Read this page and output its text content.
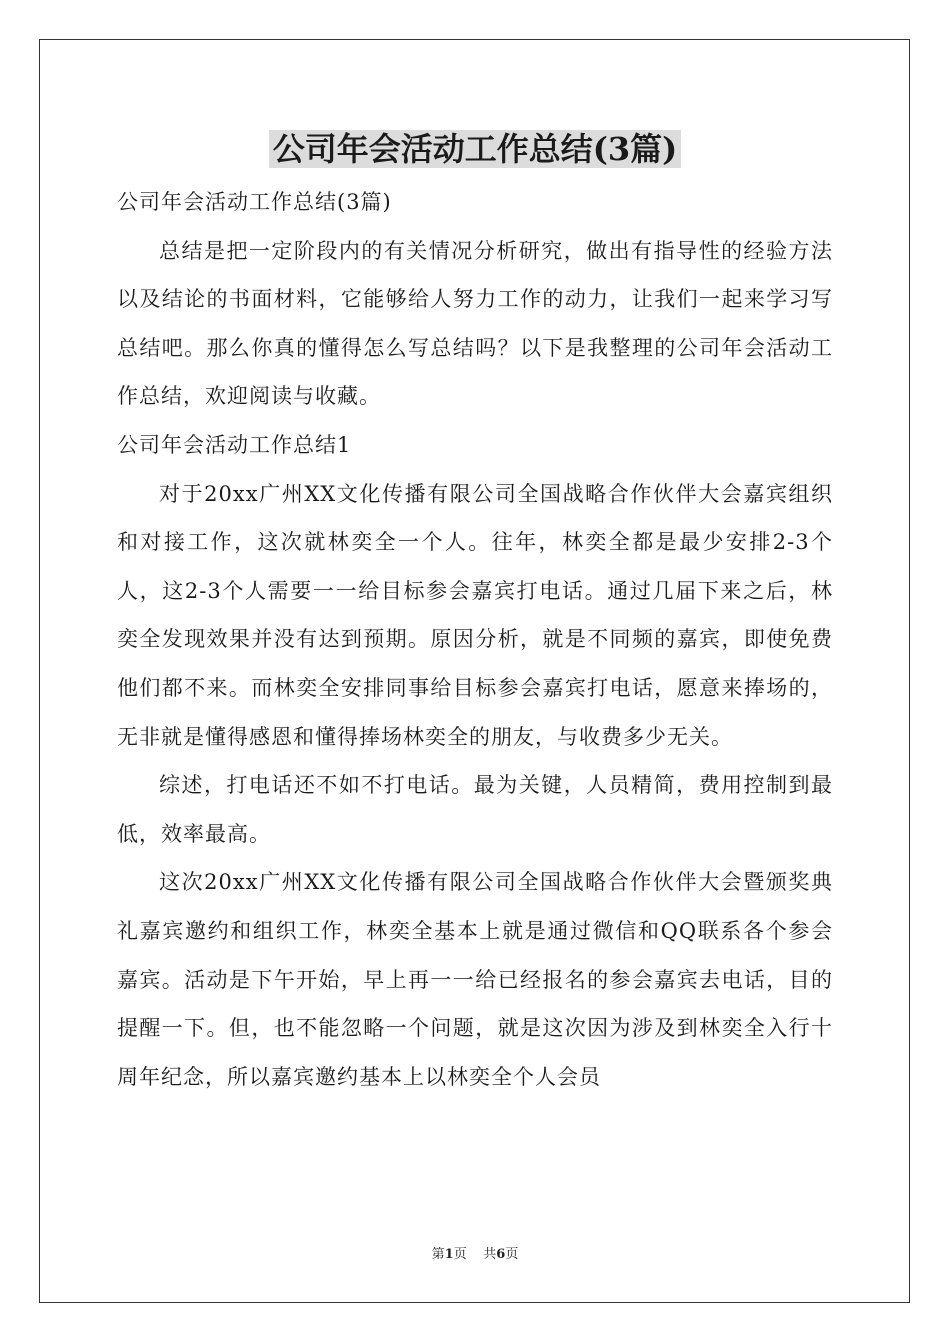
公司年会活动工作总结(3篇)

公司年会活动工作总结(3篇)

总结是把一定阶段内的有关情况分析研究，做出有指导性的经验方法以及结论的书面材料，它能够给人努力工作的动力，让我们一起来学习写总结吧。那么你真的懂得怎么写总结吗？以下是我整理的公司年会活动工作总结，欢迎阅读与收藏。

公司年会活动工作总结1

对于20xx广州XX文化传播有限公司全国战略合作伙伴大会嘉宾组织和对接工作，这次就林奕全一个人。往年，林奕全都是最少安排2-3个人，这2-3个人需要一一给目标参会嘉宾打电话。通过几届下来之后，林奕全发现效果并没有达到预期。原因分析，就是不同频的嘉宾，即使免费他们都不来。而林奕全安排同事给目标参会嘉宾打电话，愿意来捧场的，无非就是懂得感恩和懂得捧场林奕全的朋友，与收费多少无关。

综述，打电话还不如不打电话。最为关键，人员精简，费用控制到最低，效率最高。

这次20xx广州XX文化传播有限公司全国战略合作伙伴大会暨颁奖典礼嘉宾邀约和组织工作，林奕全基本上就是通过微信和QQ联系各个参会嘉宾。活动是下午开始，早上再一一给已经报名的参会嘉宾去电话，目的提醒一下。但，也不能忽略一个问题，就是这次因为涉及到林奕全入行十周年纪念，所以嘉宾邀约基本上以林奕全个人会员

第1页 共6页
